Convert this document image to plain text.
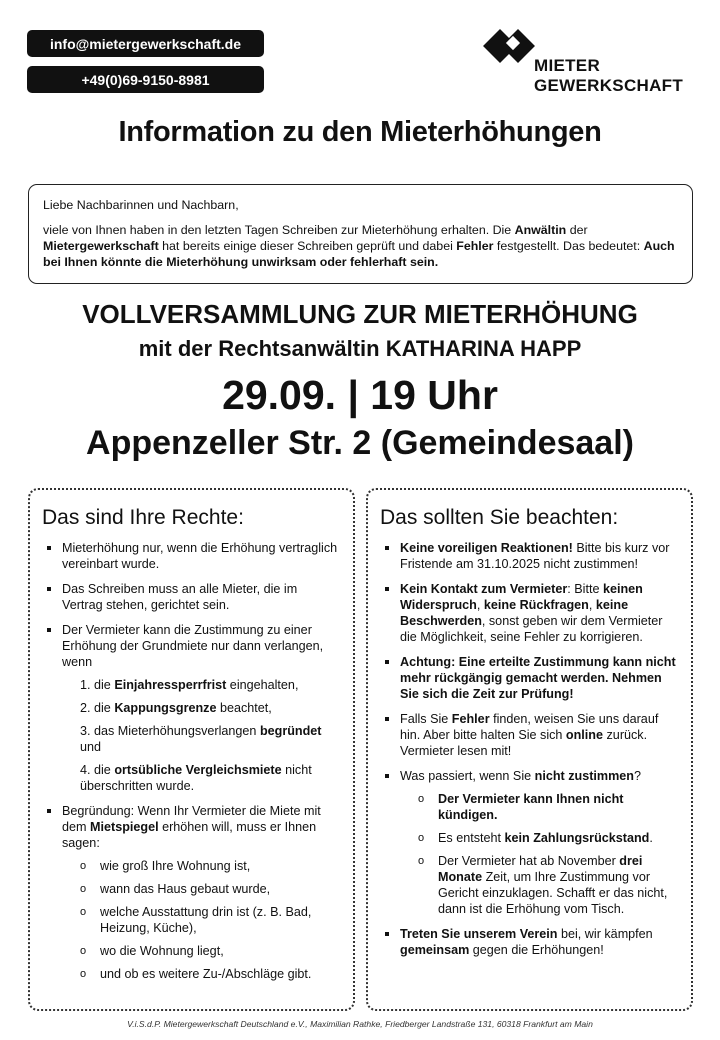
info@mietergewerkschaft.de
+49(0)69-9150-8981
MIETER
GEWERKSCHAFT
Information zu den Mieterhöhungen

Liebe Nachbarinnen und Nachbarn,

viele von Ihnen haben in den letzten Tagen Schreiben zur Mieterhöhung erhalten. Die Anwältin der Mietergewerkschaft hat bereits einige dieser Schreiben geprüft und dabei Fehler festgestellt. Das bedeutet: Auch bei Ihnen könnte die Mieterhöhung unwirksam oder fehlerhaft sein.

VOLLVERSAMMLUNG ZUR MIETERHÖHUNG
mit der Rechtsanwältin KATHARINA HAPP
29.09. | 19 Uhr
Appenzeller Str. 2 (Gemeindesaal)
Das sind Ihre Rechte:
Mieterhöhung nur, wenn die Erhöhung vertraglich vereinbart wurde.
Das Schreiben muss an alle Mieter, die im Vertrag stehen, gerichtet sein.
Der Vermieter kann die Zustimmung zu einer Erhöhung der Grundmiete nur dann verlangen, wenn
1. die Einjahressperrfrist eingehalten,
2. die Kappungsgrenze beachtet,
3. das Mieterhöhungsverlangen begründet und
4. die ortsübliche Vergleichsmiete nicht überschritten wurde.
Begründung: Wenn Ihr Vermieter die Miete mit dem Mietspiegel erhöhen will, muss er Ihnen sagen:
o wie groß Ihre Wohnung ist,
o wann das Haus gebaut wurde,
o welche Ausstattung drin ist (z. B. Bad, Heizung, Küche),
o wo die Wohnung liegt,
o und ob es weitere Zu-/Abschläge gibt.
Das sollten Sie beachten:
Keine voreiligen Reaktionen! Bitte bis kurz vor Fristende am 31.10.2025 nicht zustimmen!
Kein Kontakt zum Vermieter: Bitte keinen Widerspruch, keine Rückfragen, keine Beschwerden, sonst geben wir dem Vermieter die Möglichkeit, seine Fehler zu korrigieren.
Achtung: Eine erteilte Zustimmung kann nicht mehr rückgängig gemacht werden. Nehmen Sie sich die Zeit zur Prüfung!
Falls Sie Fehler finden, weisen Sie uns darauf hin. Aber bitte halten Sie sich online zurück. Vermieter lesen mit!
Was passiert, wenn Sie nicht zustimmen?
o Der Vermieter kann Ihnen nicht kündigen.
o Es entsteht kein Zahlungsrückstand.
o Der Vermieter hat ab November drei Monate Zeit, um Ihre Zustimmung vor Gericht einzuklagen. Schafft er das nicht, dann ist die Erhöhung vom Tisch.
Treten Sie unserem Verein bei, wir kämpfen gemeinsam gegen die Erhöhungen!
V.i.S.d.P. Mietergewerkschaft Deutschland e.V., Maximilian Rathke, Friedberger Landstraße 131, 60318 Frankfurt am Main
